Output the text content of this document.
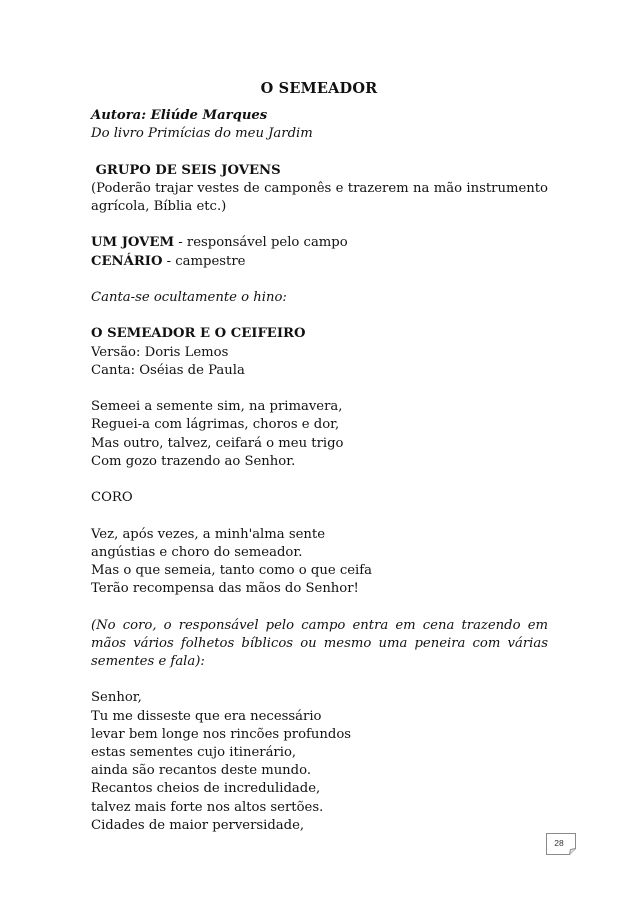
O SEMEADOR

Autora: Eliúde Marques

Do livro Primícias do meu Jardim

GRUPO DE SEIS JOVENS

(Poderão trajar vestes de camponês e trazerem na mão instrumento agrícola, Bíblia etc.)

UM JOVEM - responsável pelo campo

CENÁRIO - campestre

Canta-se ocultamente o hino:

O SEMEADOR E O CEIFEIRO

Versão: Doris Lemos

Canta: Oséias de Paula

Semeei a semente sim, na primavera,

Reguei-a com lágrimas, choros e dor,

Mas outro, talvez, ceifará o meu trigo

Com gozo trazendo ao Senhor.

CORO

Vez, após vezes, a minh'alma sente

angústias e choro do semeador.

Mas o que semeia, tanto como o que ceifa

Terão recompensa das mãos do Senhor!

(No coro, o responsável pelo campo entra em cena trazendo em mãos vários folhetos bíblicos ou mesmo uma peneira com várias sementes e fala):

Senhor,

Tu me disseste que era necessário

levar bem longe nos rincões profundos

estas sementes cujo itinerário,

ainda são recantos deste mundo.

Recantos cheios de incredulidade,

talvez mais forte nos altos sertões.

Cidades de maior perversidade,

28
